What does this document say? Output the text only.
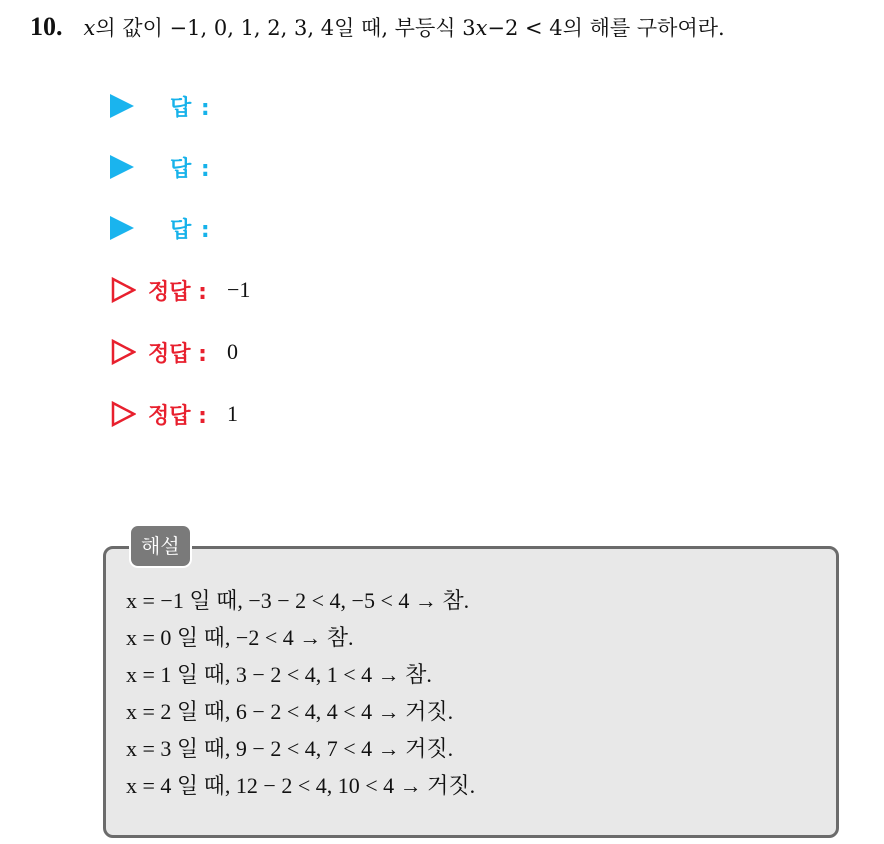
10. x의 값이 −1, 0, 1, 2, 3, 4일 때, 부등식 3x−2 < 4의 해를 구하여라.
답 :
답 :
답 :
정답 : −1
정답 : 0
정답 : 1
해설
x = −1 일 때, −3 − 2 < 4, −5 < 4 → 참.
x = 0 일 때, −2 < 4 → 참.
x = 1 일 때, 3 − 2 < 4, 1 < 4 → 참.
x = 2 일 때, 6 − 2 < 4, 4 < 4 → 거짓.
x = 3 일 때, 9 − 2 < 4, 7 < 4 → 거짓.
x = 4 일 때, 12 − 2 < 4, 10 < 4 → 거짓.
